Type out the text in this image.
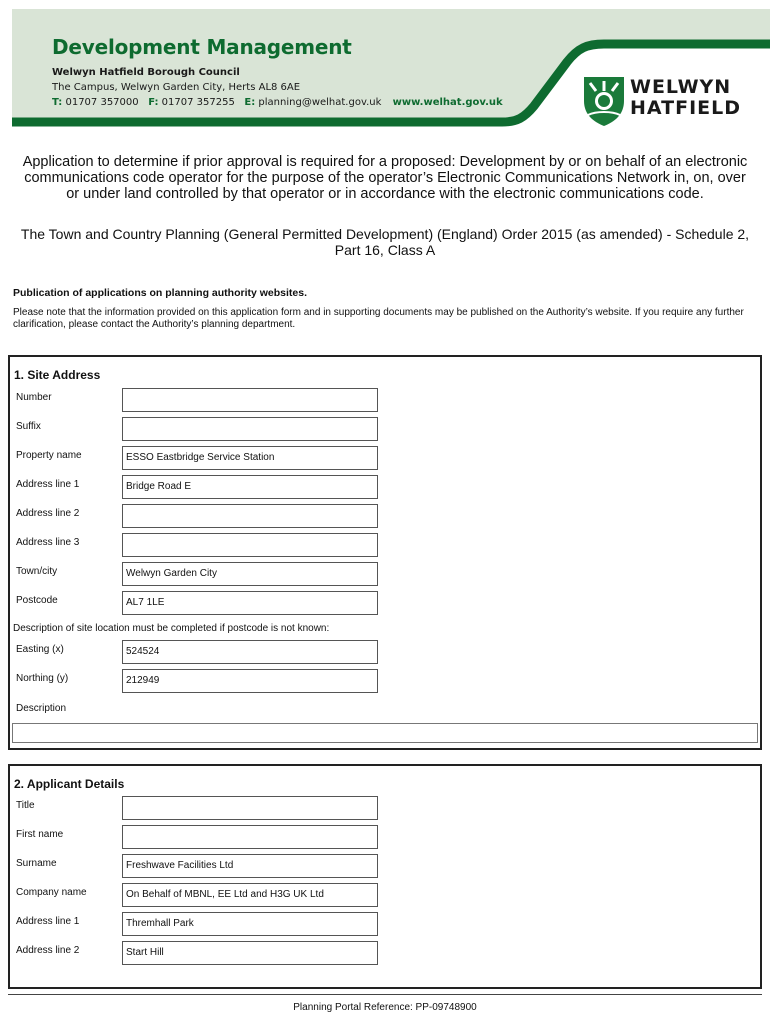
Development Management
Welwyn Hatfield Borough Council
The Campus, Welwyn Garden City, Herts AL8 6AE
T: 01707 357000 F: 01707 357255 E: planning@welhat.gov.uk www.welhat.gov.uk
WELWYN
HATFIELD
Application to determine if prior approval is required for a proposed: Development by or on behalf of an electronic communications code operator for the purpose of the operator’s Electronic Communications Network in, on, over or under land controlled by that operator or in accordance with the electronic communications code.
The Town and Country Planning (General Permitted Development) (England) Order 2015 (as amended) - Schedule 2, Part 16, Class A
Publication of applications on planning authority websites.
Please note that the information provided on this application form and in supporting documents may be published on the Authority’s website. If you require any further clarification, please contact the Authority’s planning department.
1. Site Address
Number
Suffix
Property name	ESSO Eastbridge Service Station
Address line 1	Bridge Road E
Address line 2
Address line 3
Town/city	Welwyn Garden City
Postcode	AL7 1LE
Description of site location must be completed if postcode is not known:
Easting (x)	524524
Northing (y)	212949
Description
2. Applicant Details
Title
First name
Surname	Freshwave Facilities Ltd
Company name	On Behalf of MBNL, EE Ltd and H3G UK Ltd
Address line 1	Thremhall Park
Address line 2	Start Hill
Planning Portal Reference: PP-09748900
